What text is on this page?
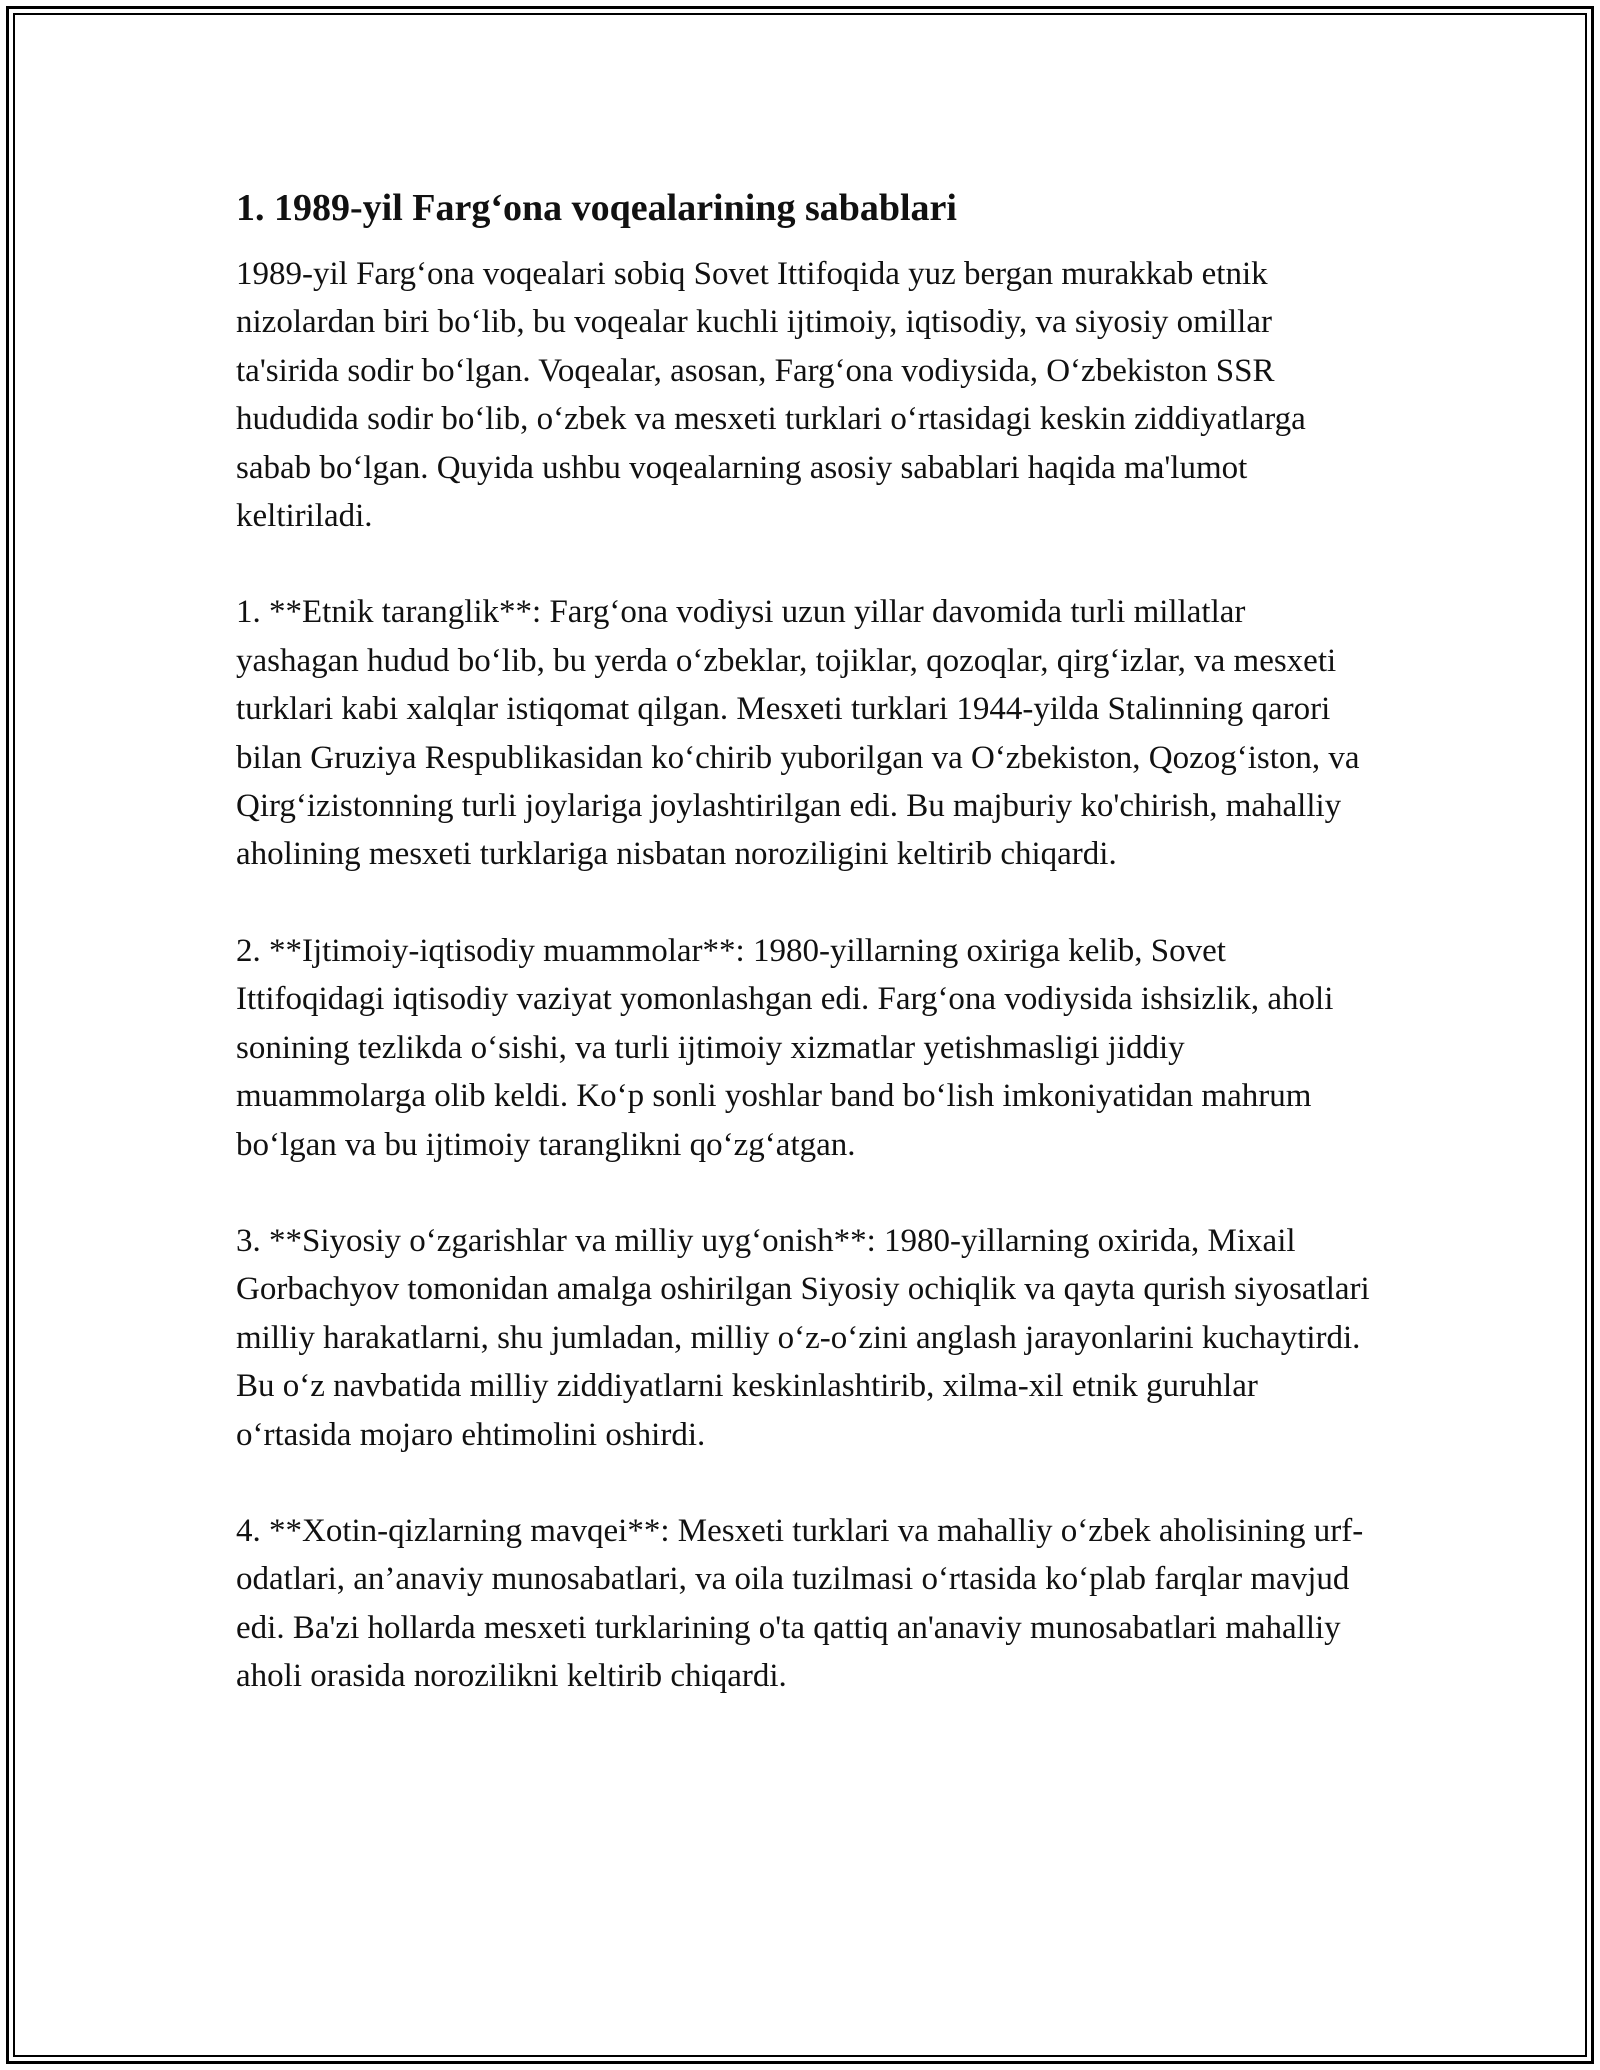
1. 1989-yil Farg‘ona voqealarining sabablari

1989-yil Farg‘ona voqealari sobiq Sovet Ittifoqida yuz bergan murakkab etnik nizolardan biri bo‘lib, bu voqealar kuchli ijtimoiy, iqtisodiy, va siyosiy omillar ta'sirida sodir bo‘lgan. Voqealar, asosan, Farg‘ona vodiysida, O‘zbekiston SSR hududida sodir bo‘lib, o‘zbek va mesxeti turklari o‘rtasidagi keskin ziddiyatlarga sabab bo‘lgan. Quyida ushbu voqealarning asosiy sabablari haqida ma'lumot keltiriladi.

1. **Etnik taranglik**: Farg‘ona vodiysi uzun yillar davomida turli millatlar yashagan hudud bo‘lib, bu yerda o‘zbeklar, tojiklar, qozoqlar, qirg‘izlar, va mesxeti turklari kabi xalqlar istiqomat qilgan. Mesxeti turklari 1944-yilda Stalinning qarori bilan Gruziya Respublikasidan ko‘chirib yuborilgan va O‘zbekiston, Qozog‘iston, va Qirg‘izistonning turli joylariga joylashtirilgan edi. Bu majburiy ko'chirish, mahalliy aholining mesxeti turklariga nisbatan noroziligini keltirib chiqardi.

2. **Ijtimoiy-iqtisodiy muammolar**: 1980-yillarning oxiriga kelib, Sovet Ittifoqidagi iqtisodiy vaziyat yomonlashgan edi. Farg‘ona vodiysida ishsizlik, aholi sonining tezlikda o‘sishi, va turli ijtimoiy xizmatlar yetishmasligi jiddiy muammolarga olib keldi. Ko‘p sonli yoshlar band bo‘lish imkoniyatidan mahrum bo‘lgan va bu ijtimoiy taranglikni qo‘zg‘atgan.

3. **Siyosiy o‘zgarishlar va milliy uyg‘onish**: 1980-yillarning oxirida, Mixail Gorbachyov tomonidan amalga oshirilgan Siyosiy ochiqlik va qayta qurish siyosatlari milliy harakatlarni, shu jumladan, milliy o‘z-o‘zini anglash jarayonlarini kuchaytirdi. Bu o‘z navbatida milliy ziddiyatlarni keskinlashtirib, xilma-xil etnik guruhlar o‘rtasida mojaro ehtimolini oshirdi.

4. **Xotin-qizlarning mavqei**: Mesxeti turklari va mahalliy o‘zbek aholisining urf-odatlari, an’anaviy munosabatlari, va oila tuzilmasi o‘rtasida ko‘plab farqlar mavjud edi. Ba'zi hollarda mesxeti turklarining o'ta qattiq an'anaviy munosabatlari mahalliy aholi orasida norozilikni keltirib chiqardi.
